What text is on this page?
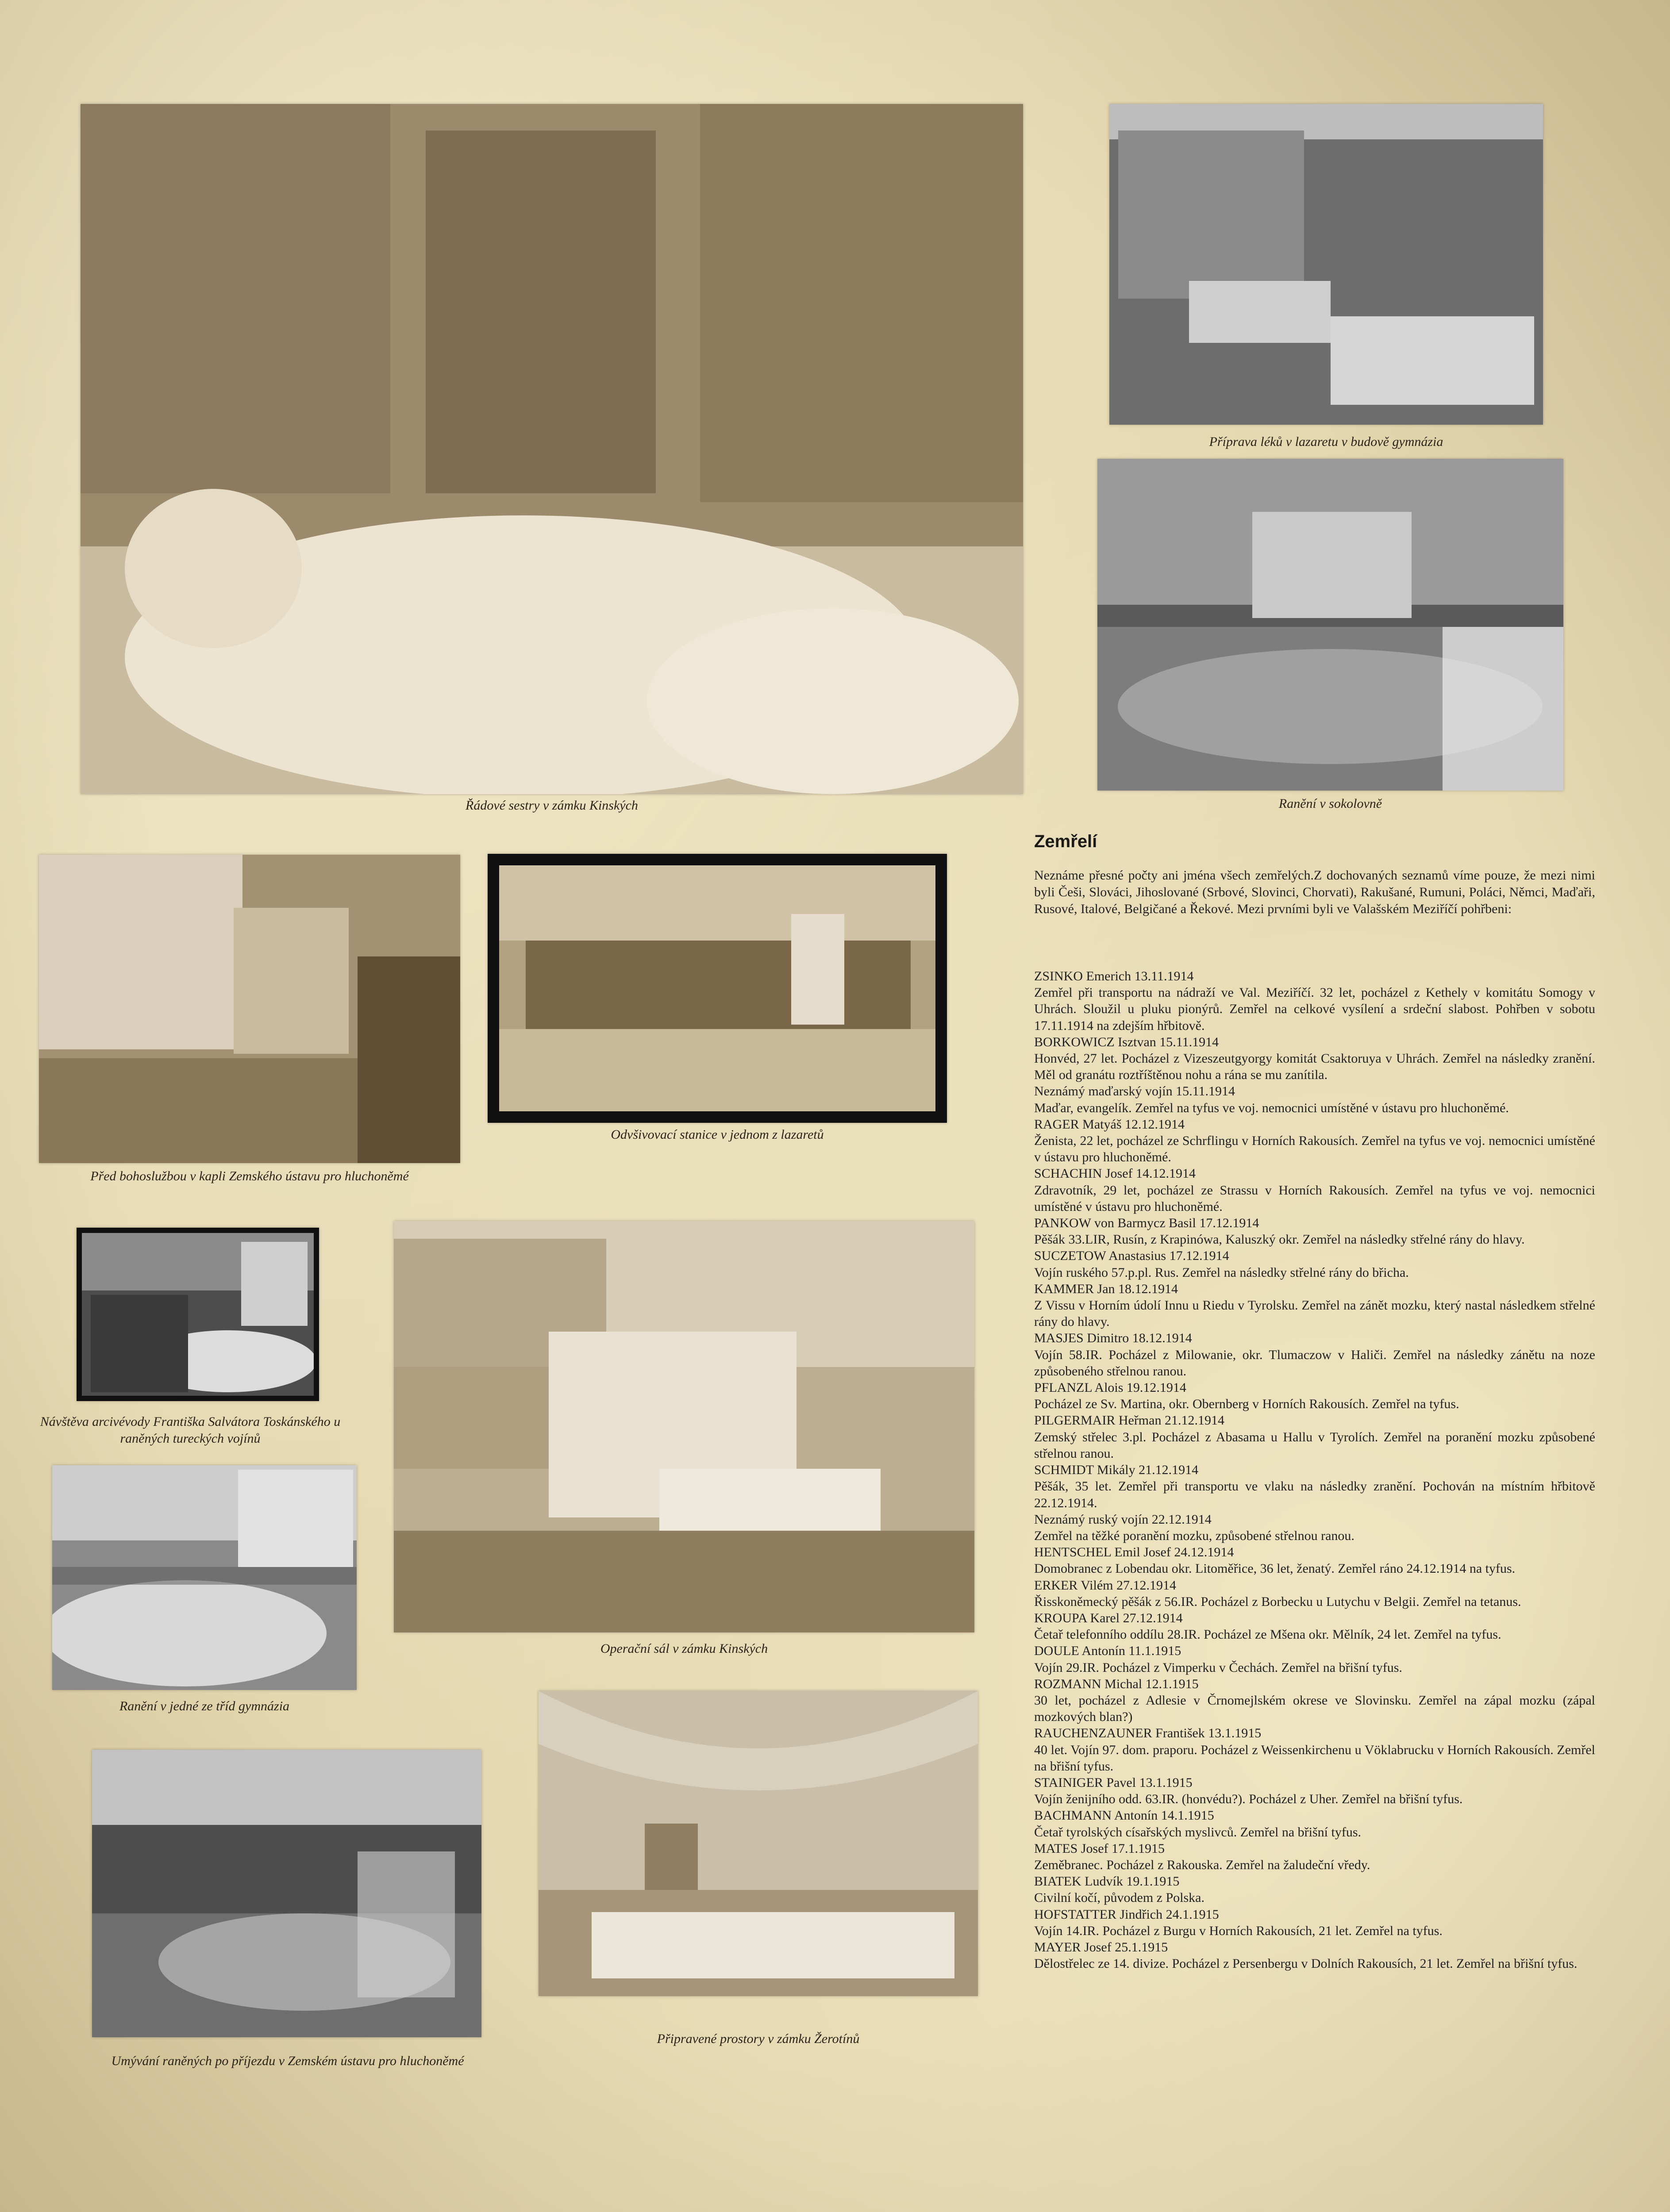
Řádové sestry v zámku Kinských
Příprava léků v lazaretu v budově gymnázia
Ranění v sokolovně
Před bohoslužbou v kapli Zemského ústavu pro hluchoněmé
Odvšivovací stanice v jednom z lazaretů
Návštěva arcivévody Františka Salvátora Toskánského u raněných tureckých vojínů
Operační sál v zámku Kinských
Ranění v jedné ze tříd gymnázia
Umývání raněných po příjezdu v Zemském ústavu pro hluchoněmé
Připravené prostory v zámku Žerotínů
Zemřelí
Neznáme přesné počty ani jména všech zemřelých.Z dochovaných seznamů víme pouze, že mezi nimi byli Češi, Slováci, Jihoslované (Srbové, Slovinci, Chorvati), Rakušané, Rumuni, Poláci, Němci, Maďaři, Rusové, Italové, Belgičané a Řekové. Mezi prvními byli ve Valašském Meziříčí pohřbeni:
ZSINKO Emerich 13.11.1914
Zemřel při transportu na nádraží ve Val. Meziříčí. 32 let, pocházel z Kethely v komitátu Somogy v Uhrách. Sloužil u pluku pionýrů. Zemřel na celkové vysílení a srdeční slabost. Pohřben v sobotu 17.11.1914 na zdejším hřbitově.
BORKOWICZ Isztvan 15.11.1914
Honvéd, 27 let. Pocházel z Vizeszeutgyorgy komitát Csaktoruya v Uhrách. Zemřel na následky zranění. Měl od granátu roztříštěnou nohu a rána se mu zanítila.
Neznámý maďarský vojín 15.11.1914
Maďar, evangelík. Zemřel na tyfus ve voj. nemocnici umístěné v ústavu pro hluchoněmé.
RAGER Matyáš 12.12.1914
Ženista, 22 let, pocházel ze Schrflingu v Horních Rakousích. Zemřel na tyfus ve voj. nemocnici umístěné v ústavu pro hluchoněmé.
SCHACHIN Josef 14.12.1914
Zdravotník, 29 let, pocházel ze Strassu v Horních Rakousích. Zemřel na tyfus ve voj. nemocnici umístěné v ústavu pro hluchoněmé.
PANKOW von Barmycz Basil 17.12.1914
Pěšák 33.LIR, Rusín, z Krapinówa, Kaluszký okr. Zemřel na následky střelné rány do hlavy.
SUCZETOW Anastasius 17.12.1914
Vojín ruského 57.p.pl. Rus. Zemřel na následky střelné rány do břicha.
KAMMER Jan 18.12.1914
Z Vissu v Horním údolí Innu u Riedu v Tyrolsku. Zemřel na zánět mozku, který nastal následkem střelné rány do hlavy.
MASJES Dimitro 18.12.1914
Vojín 58.IR. Pocházel z Milowanie, okr. Tlumaczow v Haliči. Zemřel na následky zánětu na noze způsobeného střelnou ranou.
PFLANZL Alois 19.12.1914
Pocházel ze Sv. Martina, okr. Obernberg v Horních Rakousích. Zemřel na tyfus.
PILGERMAIR Heřman 21.12.1914
Zemský střelec 3.pl. Pocházel z Abasama u Hallu v Tyrolích. Zemřel na poranění mozku způsobené střelnou ranou.
SCHMIDT Mikály 21.12.1914
Pěšák, 35 let. Zemřel při transportu ve vlaku na následky zranění. Pochován na místním hřbitově 22.12.1914.
Neznámý ruský vojín 22.12.1914
Zemřel na těžké poranění mozku, způsobené střelnou ranou.
HENTSCHEL Emil Josef 24.12.1914
Domobranec z Lobendau okr. Litoměřice, 36 let, ženatý. Zemřel ráno 24.12.1914 na tyfus.
ERKER Vilém 27.12.1914
Řisskoněmecký pěšák z 56.IR. Pocházel z Borbecku u Lutychu v Belgii. Zemřel na tetanus.
KROUPA Karel 27.12.1914
Četař telefonního oddílu 28.IR. Pocházel ze Mšena okr. Mělník, 24 let. Zemřel na tyfus.
DOULE Antonín 11.1.1915
Vojín 29.IR. Pocházel z Vimperku v Čechách. Zemřel na břišní tyfus.
ROZMANN Michal 12.1.1915
30 let, pocházel z Adlesie v Črnomejlském okrese ve Slovinsku. Zemřel na zápal mozku (zápal mozkových blan?)
RAUCHENZAUNER František 13.1.1915
40 let. Vojín 97. dom. praporu. Pocházel z Weissenkirchenu u Vöklabrucku v Horních Rakousích. Zemřel na břišní tyfus.
STAINIGER Pavel 13.1.1915
Vojín ženijního odd. 63.IR. (honvédu?). Pocházel z Uher. Zemřel na břišní tyfus.
BACHMANN Antonín 14.1.1915
Četař tyrolských císařských myslivců. Zemřel na břišní tyfus.
MATES Josef 17.1.1915
Zeměbranec. Pocházel z Rakouska. Zemřel na žaludeční vředy.
BIATEK Ludvík 19.1.1915
Civilní kočí, původem z Polska.
HOFSTATTER Jindřich 24.1.1915
Vojín 14.IR. Pocházel z Burgu v Horních Rakousích, 21 let. Zemřel na tyfus.
MAYER Josef 25.1.1915
Dělostřelec ze 14. divize. Pocházel z Persenbergu v Dolních Rakousích, 21 let. Zemřel na břišní tyfus.
